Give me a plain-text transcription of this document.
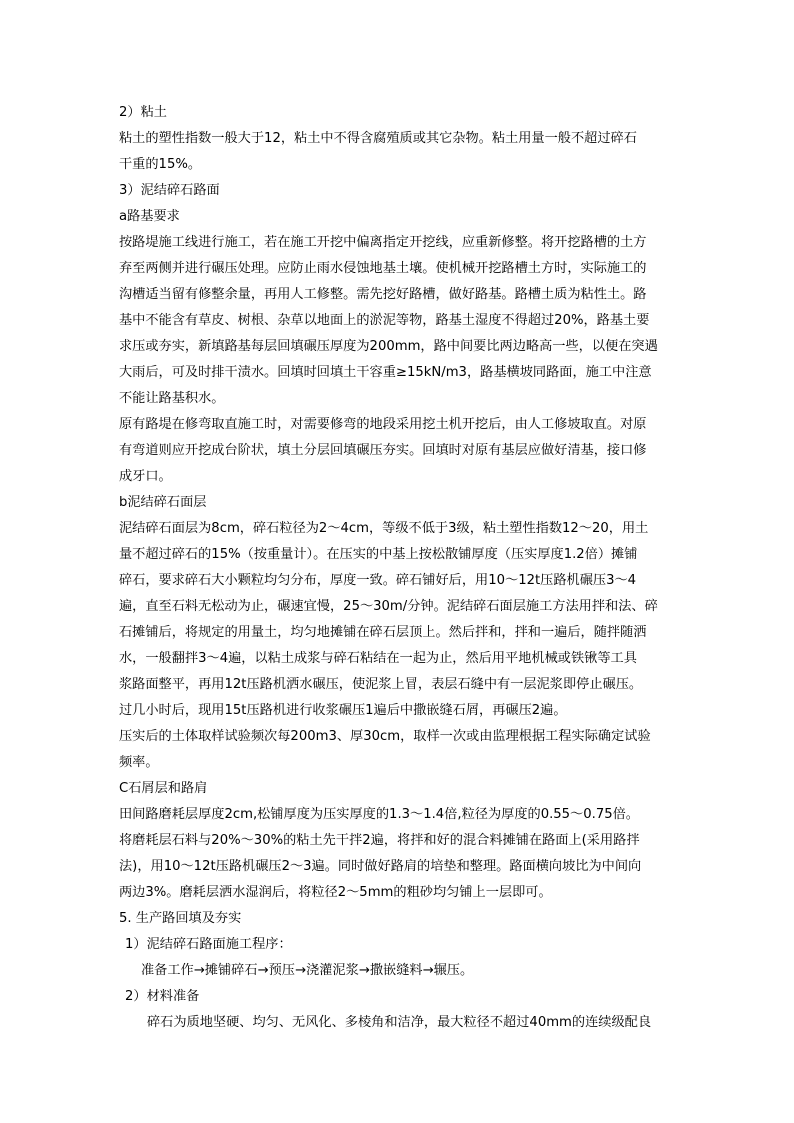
2）粘土
粘土的塑性指数一般大于12，粘土中不得含腐殖质或其它杂物。粘土用量一般不超过碎石
干重的15%。
3）泥结碎石路面
a路基要求
按路堤施工线进行施工，若在施工开挖中偏离指定开挖线，应重新修整。将开挖路槽的土方
弃至两侧并进行碾压处理。应防止雨水侵蚀地基土壤。使机械开挖路槽土方时，实际施工的
沟槽适当留有修整余量，再用人工修整。需先挖好路槽，做好路基。路槽土质为粘性土。路
基中不能含有草皮、树根、杂草以地面上的淤泥等物，路基土湿度不得超过20%，路基土要
求压或夯实，新填路基每层回填碾压厚度为200mm，路中间要比两边略高一些，以便在突遇
大雨后，可及时排干渍水。回填时回填土干容重≥15kN/m3，路基横坡同路面，施工中注意
不能让路基积水。
原有路堤在修弯取直施工时，对需要修弯的地段采用挖土机开挖后，由人工修坡取直。对原
有弯道则应开挖成台阶状，填土分层回填碾压夯实。回填时对原有基层应做好清基，接口修
成牙口。
b泥结碎石面层
泥结碎石面层为8cm，碎石粒径为2～4cm，等级不低于3级，粘土塑性指数12～20，用土
量不超过碎石的15%（按重量计）。在压实的中基上按松散铺厚度（压实厚度1.2倍）摊铺
碎石，要求碎石大小颗粒均匀分布，厚度一致。碎石铺好后，用10～12t压路机碾压3～4
遍，直至石料无松动为止，碾速宜慢，25～30m/分钟。泥结碎石面层施工方法用拌和法、碎
石摊铺后，将规定的用量土，均匀地摊铺在碎石层顶上。然后拌和，拌和一遍后，随拌随洒
水，一般翻拌3～4遍，以粘土成浆与碎石粘结在一起为止，然后用平地机械或铁锹等工具
浆路面整平，再用12t压路机洒水碾压，使泥浆上冒，表层石缝中有一层泥浆即停止碾压。
过几小时后，现用15t压路机进行收浆碾压1遍后中撒嵌缝石屑，再碾压2遍。
压实后的土体取样试验频次每200m3、厚30cm，取样一次或由监理根据工程实际确定试验
频率。
C石屑层和路肩
田间路磨耗层厚度2cm,松铺厚度为压实厚度的1.3～1.4倍,粒径为厚度的0.55～0.75倍。
将磨耗层石料与20%～30%的粘土先干拌2遍，将拌和好的混合料摊铺在路面上(采用路拌
法)，用10～12t压路机碾压2～3遍。同时做好路肩的培垫和整理。路面横向坡比为中间向
两边3%。磨耗层洒水湿润后，将粒径2～5mm的粗砂均匀铺上一层即可。
5. 生产路回填及夯实
1）泥结碎石路面施工程序：
准备工作→摊铺碎石→预压→浇灌泥浆→撒嵌缝料→辗压。
2）材料准备
碎石为质地坚硬、均匀、无风化、多棱角和洁净，最大粒径不超过40mm的连续级配良
